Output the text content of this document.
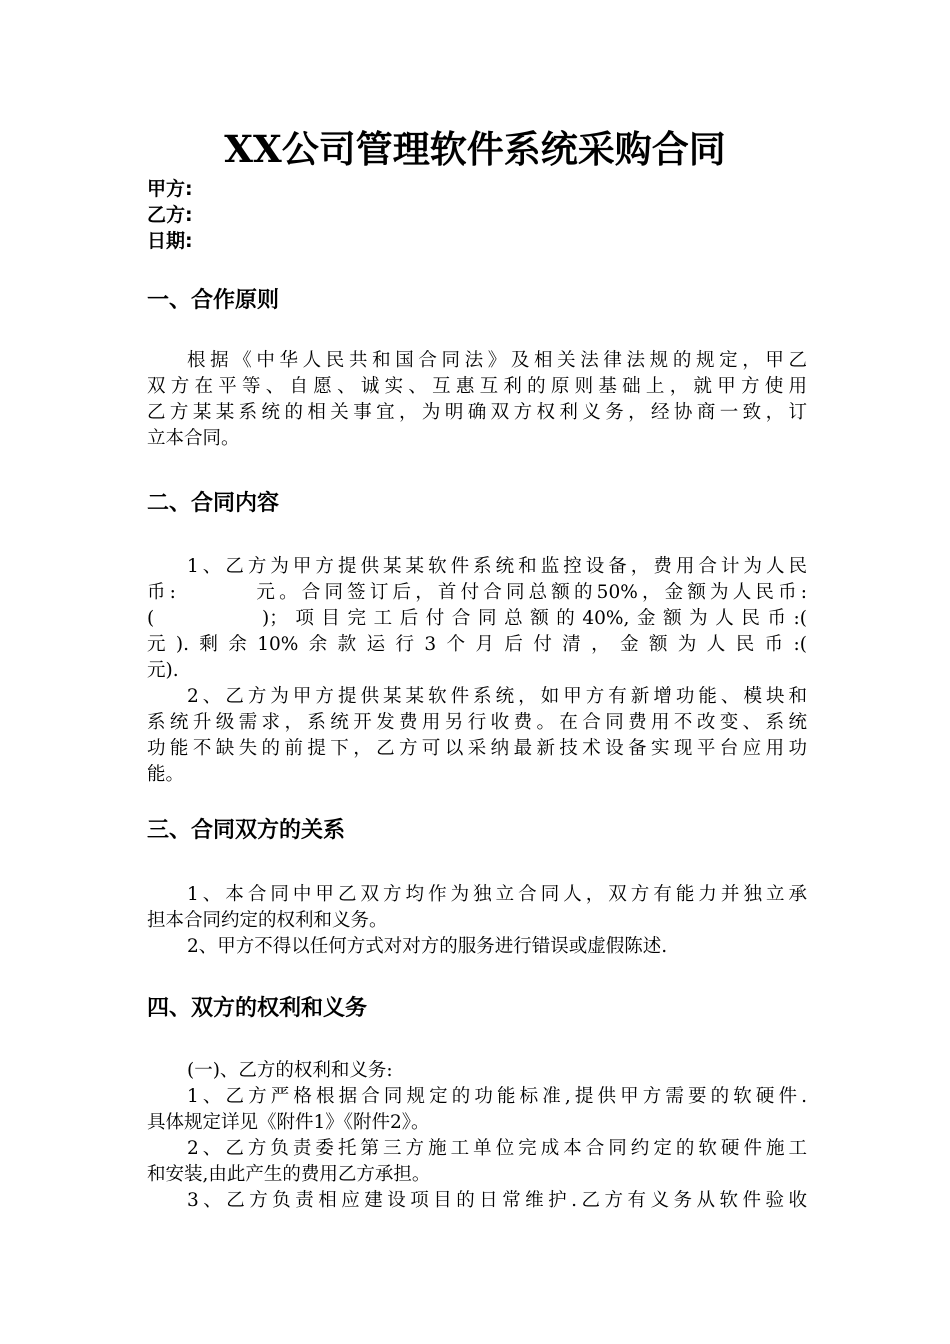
XX公司管理软件系统采购合同
甲方:
乙方:
日期:
一、合作原则
根据《中华人民共和国合同法》及相关法律法规的规定，甲乙
双方在平等、自愿、诚实、互惠互利的原则基础上，就甲方使用
乙方某某系统的相关事宜，为明确双方权利义务，经协商一致，订
立本合同。
二、合同内容
1、乙方为甲方提供某某软件系统和监控设备，费用合计为人民
币:        元。合同签订后，首付合同总额的50%，金额为人民币:
(        )；项目完工后付合同总额的40%,金额为人民币:(
元).剩余10%余款运行3个月后付清，金额为人民币:(
元).
2、乙方为甲方提供某某软件系统，如甲方有新增功能、模块和
系统升级需求，系统开发费用另行收费。在合同费用不改变、系统
功能不缺失的前提下，乙方可以采纳最新技术设备实现平台应用功
能。
三、合同双方的关系
1、本合同中甲乙双方均作为独立合同人，双方有能力并独立承
担本合同约定的权利和义务。
2、甲方不得以任何方式对对方的服务进行错误或虚假陈述.
四、双方的权利和义务
(一)、乙方的权利和义务:
1、乙方严格根据合同规定的功能标准,提供甲方需要的软硬件.
具体规定详见《附件1》《附件2》。
2、乙方负责委托第三方施工单位完成本合同约定的软硬件施工
和安装,由此产生的费用乙方承担。
3、乙方负责相应建设项目的日常维护.乙方有义务从软件验收
